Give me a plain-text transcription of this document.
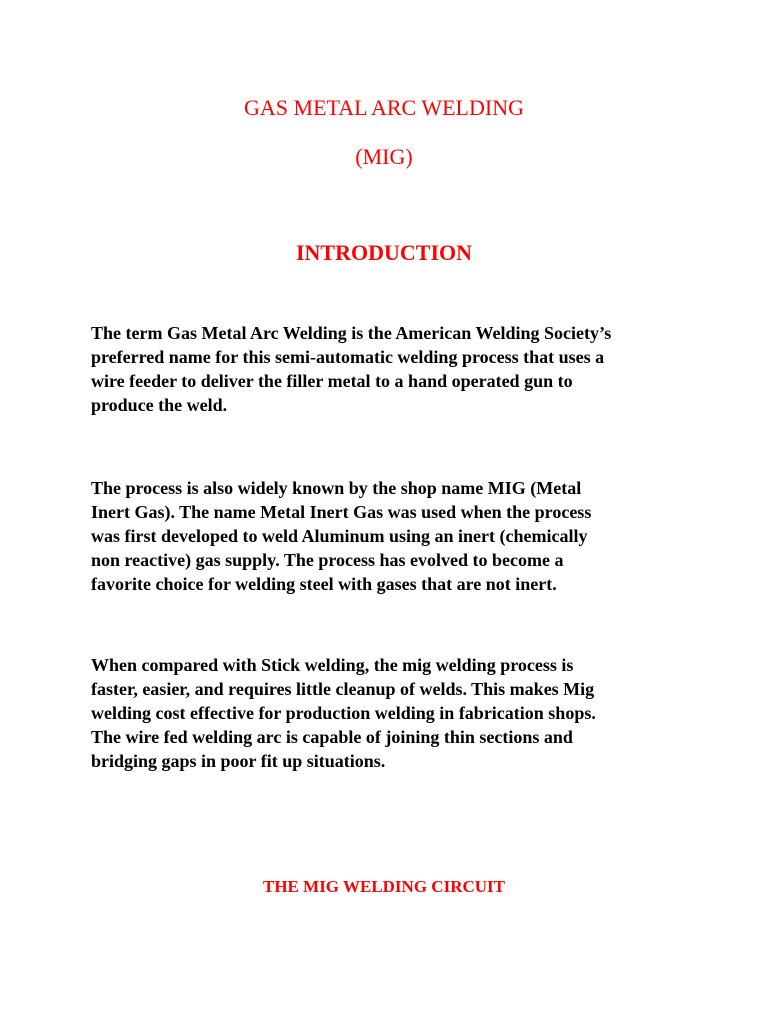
GAS METAL ARC WELDING
(MIG)
INTRODUCTION

The term Gas Metal Arc Welding is the American Welding Society’s
preferred name for this semi-automatic welding process that uses a
wire feeder to deliver the filler metal to a hand operated gun to
produce the weld.

The process is also widely known by the shop name MIG (Metal
Inert Gas). The name Metal Inert Gas was used when the process
was first developed to weld Aluminum using an inert (chemically
non reactive) gas supply. The process has evolved to become a
favorite choice for welding steel with gases that are not inert.

When compared with Stick welding, the mig welding process is
faster, easier, and requires little cleanup of welds. This makes Mig
welding cost effective for production welding in fabrication shops.
The wire fed welding arc is capable of joining thin sections and
bridging gaps in poor fit up situations.

THE MIG WELDING CIRCUIT
